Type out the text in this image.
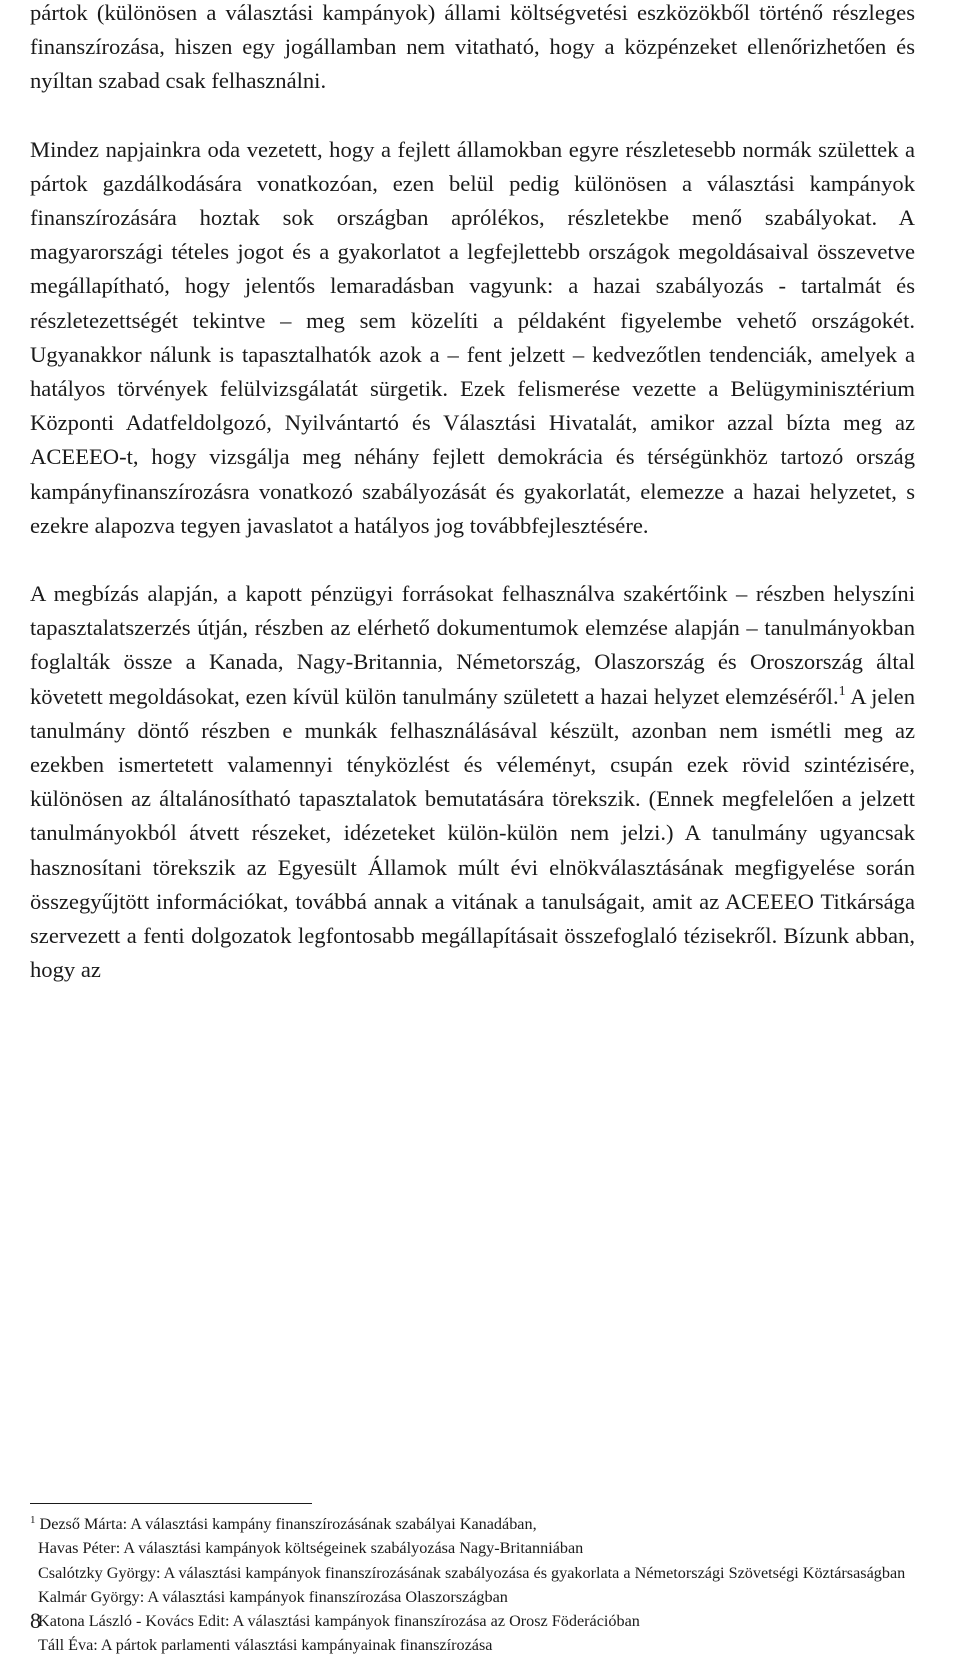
pártok (különösen a választási kampányok) állami költségvetési eszközökből történő részleges finanszírozása, hiszen egy jogállamban nem vitatható, hogy a közpénzeket ellenőrizhetően és nyíltan szabad csak felhasználni.

Mindez napjainkra oda vezetett, hogy a fejlett államokban egyre részletesebb normák születtek a pártok gazdálkodására vonatkozóan, ezen belül pedig különösen a választási kampányok finanszírozására hoztak sok országban aprólékos, részletekbe menő szabályokat. A magyarországi tételes jogot és a gyakorlatot a legfejlettebb országok megoldásaival összevetve megállapítható, hogy jelentős lemaradásban vagyunk: a hazai szabályozás - tartalmát és részletezettségét tekintve – meg sem közelíti a példaként figyelembe vehető országokét. Ugyanakkor nálunk is tapasztalhatók azok a – fent jelzett – kedvezőtlen tendenciák, amelyek a hatályos törvények felülvizsgálatát sürgetik. Ezek felismerése vezette a Belügyminisztérium Központi Adatfeldolgozó, Nyilvántartó és Választási Hivatalát, amikor azzal bízta meg az ACEEEO-t, hogy vizsgálja meg néhány fejlett demokrácia és térségünkhöz tartozó ország kampányfinanszírozásra vonatkozó szabályozását és gyakorlatát, elemezze a hazai helyzetet, s ezekre alapozva tegyen javaslatot a hatályos jog továbbfejlesztésére.

A megbízás alapján, a kapott pénzügyi forrásokat felhasználva szakértőink – részben helyszíni tapasztalatszerzés útján, részben az elérhető dokumentumok elemzése alapján – tanulmányokban foglalták össze a Kanada, Nagy-Britannia, Németország, Olaszország és Oroszország által követett megoldásokat, ezen kívül külön tanulmány született a hazai helyzet elemzéséről.$^1$ A jelen tanulmány döntő részben e munkák felhasználásával készült, azonban nem ismétli meg az ezekben ismertetett valamennyi tényközlést és véleményt, csupán ezek rövid szintézisére, különösen az általánosítható tapasztalatok bemutatására törekszik. (Ennek megfelelően a jelzett tanulmányokból átvett részeket, idézeteket külön-külön nem jelzi.) A tanulmány ugyancsak hasznosítani törekszik az Egyesült Államok múlt évi elnökválasztásának megfigyelése során összegyűjtött információkat, továbbá annak a vitának a tanulságait, amit az ACEEEO Titkársága szervezett a fenti dolgozatok legfontosabb megállapításait összefoglaló tézisekről. Bízunk abban, hogy az

$^1$ Dezső Márta: A választási kampány finanszírozásának szabályai Kanadában,

Havas Péter: A választási kampányok költségeinek szabályozása Nagy-Britanniában

Csalótzky György: A választási kampányok finanszírozásának szabályozása és gyakorlata a Németországi Szövetségi Köztársaságban

Kalmár György: A választási kampányok finanszírozása Olaszországban

Katona László - Kovács Edit: A választási kampányok finanszírozása az Orosz Föderációban

Táll Éva: A pártok parlamenti választási kampányainak finanszírozása

8
